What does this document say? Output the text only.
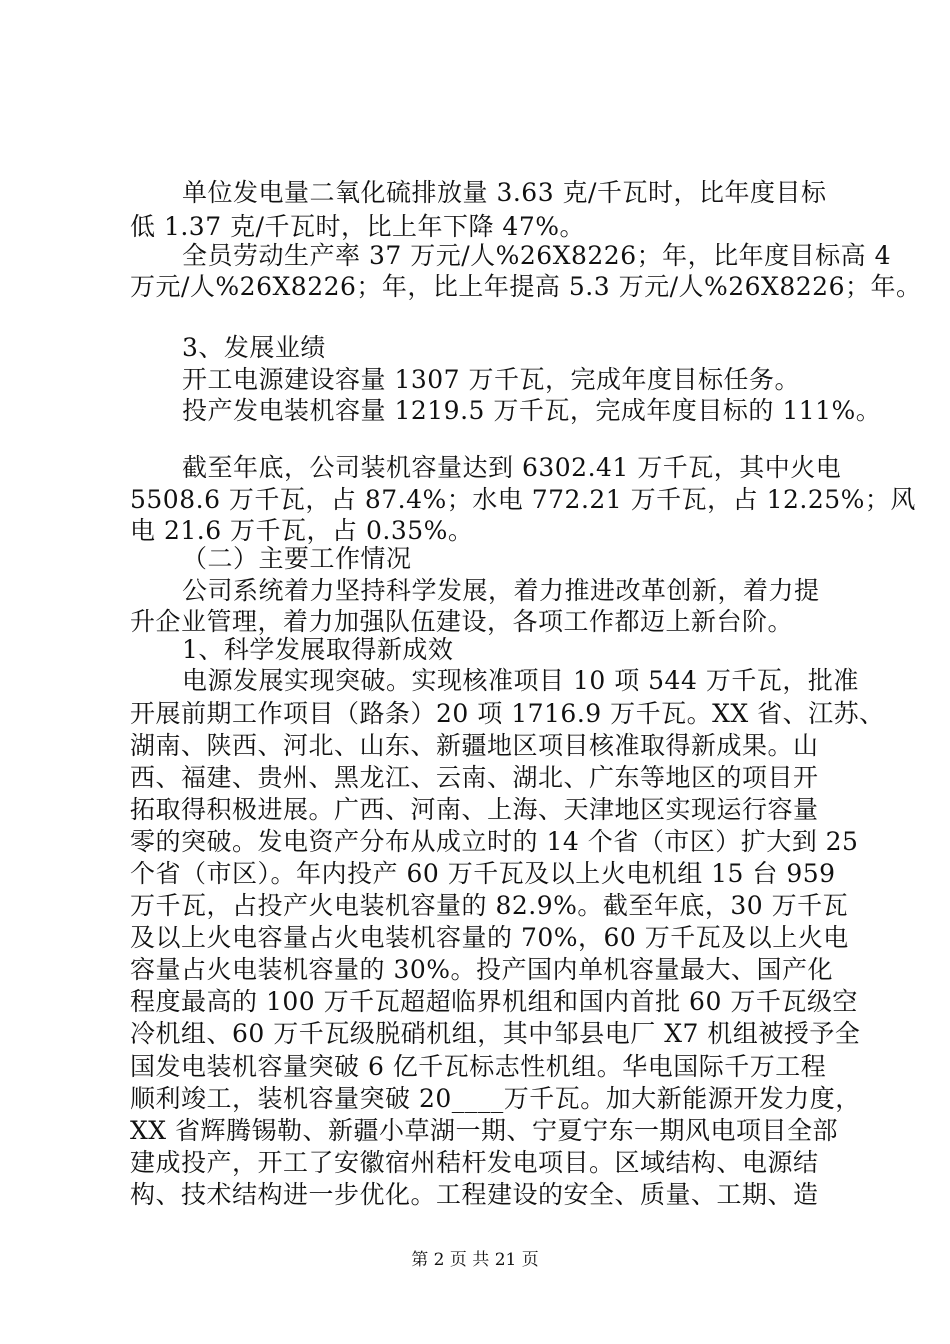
单位发电量二氧化硫排放量 3.63 克/千瓦时，比年度目标
低 1.37 克/千瓦时，比上年下降 47%。
全员劳动生产率 37 万元/人%26X8226；年，比年度目标高 4
万元/人%26X8226；年，比上年提高 5.3 万元/人%26X8226；年。
3、发展业绩
开工电源建设容量 1307 万千瓦，完成年度目标任务。
投产发电装机容量 1219.5 万千瓦，完成年度目标的 111%。
截至年底，公司装机容量达到 6302.41 万千瓦，其中火电
5508.6 万千瓦，占 87.4%；水电 772.21 万千瓦，占 12.25%；风
电 21.6 万千瓦，占 0.35%。
（二）主要工作情况
公司系统着力坚持科学发展，着力推进改革创新，着力提
升企业管理，着力加强队伍建设，各项工作都迈上新台阶。
1、科学发展取得新成效
电源发展实现突破。实现核准项目 10 项 544 万千瓦，批准
开展前期工作项目（路条）20 项 1716.9 万千瓦。XX 省、江苏、
湖南、陕西、河北、山东、新疆地区项目核准取得新成果。山
西、福建、贵州、黑龙江、云南、湖北、广东等地区的项目开
拓取得积极进展。广西、河南、上海、天津地区实现运行容量
零的突破。发电资产分布从成立时的 14 个省（市区）扩大到 25
个省（市区）。年内投产 60 万千瓦及以上火电机组 15 台 959
万千瓦，占投产火电装机容量的 82.9%。截至年底，30 万千瓦
及以上火电容量占火电装机容量的 70%，60 万千瓦及以上火电
容量占火电装机容量的 30%。投产国内单机容量最大、国产化
程度最高的 100 万千瓦超超临界机组和国内首批 60 万千瓦级空
冷机组、60 万千瓦级脱硝机组，其中邹县电厂 X7 机组被授予全
国发电装机容量突破 6 亿千瓦标志性机组。华电国际千万工程
顺利竣工，装机容量突破 20____万千瓦。加大新能源开发力度，
XX 省辉腾锡勒、新疆小草湖一期、宁夏宁东一期风电项目全部
建成投产，开工了安徽宿州秸杆发电项目。区域结构、电源结
构、技术结构进一步优化。工程建设的安全、质量、工期、造
第 2 页 共 21 页
